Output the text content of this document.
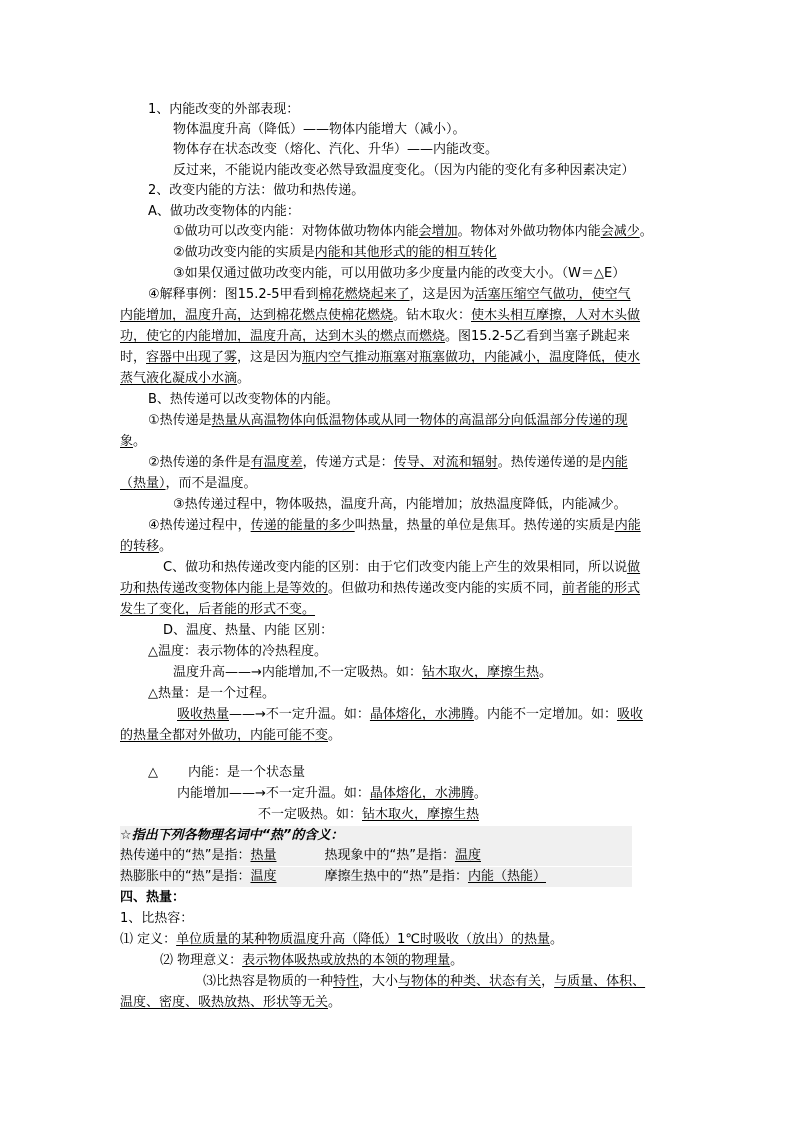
1、内能改变的外部表现：
物体温度升高（降低）——物体内能增大（减小）。
物体存在状态改变（熔化、汽化、升华）——内能改变。
反过来，不能说内能改变必然导致温度变化。（因为内能的变化有多种因素决定）
2、改变内能的方法：做功和热传递。
A、做功改变物体的内能：
①做功可以改变内能：对物体做功物体内能会增加。物体对外做功物体内能会减少。
②做功改变内能的实质是内能和其他形式的能的相互转化
③如果仅通过做功改变内能，可以用做功多少度量内能的改变大小。（W＝△E）
④解释事例：图15.2-5甲看到棉花燃烧起来了，这是因为活塞压缩空气做功，使空气
内能增加，温度升高，达到棉花燃点使棉花燃烧。钻木取火：使木头相互摩擦，人对木头做
功，使它的内能增加，温度升高，达到木头的燃点而燃烧。图15.2-5乙看到当塞子跳起来
时，容器中出现了雾，这是因为瓶内空气推动瓶塞对瓶塞做功，内能减小，温度降低，使水
蒸气液化凝成小水滴。
B、热传递可以改变物体的内能。
①热传递是热量从高温物体向低温物体或从同一物体的高温部分向低温部分传递的现
象。
②热传递的条件是有温度差，传递方式是：传导、对流和辐射。热传递传递的是内能
（热量），而不是温度。
③热传递过程中，物体吸热，温度升高，内能增加；放热温度降低，内能减少。
④热传递过程中，传递的能量的多少叫热量，热量的单位是焦耳。热传递的实质是内能
的转移。
C、做功和热传递改变内能的区别：由于它们改变内能上产生的效果相同，所以说做
功和热传递改变物体内能上是等效的。但做功和热传递改变内能的实质不同，前者能的形式
发生了变化，后者能的形式不变。
D、温度、热量、内能 区别：
△温度：表示物体的冷热程度。
温度升高——→内能增加,不一定吸热。如：钻木取火，摩擦生热。
△热量：是一个过程。
吸收热量——→不一定升温。如：晶体熔化，水沸腾。内能不一定增加。如：吸收
的热量全都对外做功，内能可能不变。
△ 内能：是一个状态量
内能增加——→不一定升温。如：晶体熔化，水沸腾。
不一定吸热。如：钻木取火，摩擦生热
☆指出下列各物理名词中“热”的含义：
热传递中的“热”是指：热量	热现象中的“热”是指：温度
热膨胀中的“热”是指：温度	摩擦生热中的“热”是指：内能（热能）
四、热量：
1、比热容：
⑴ 定义：单位质量的某种物质温度升高（降低）1℃时吸收（放出）的热量。
⑵ 物理意义：表示物体吸热或放热的本领的物理量。
⑶比热容是物质的一种特性，大小与物体的种类、状态有关，与质量、体积、
温度、密度、吸热放热、形状等无关。
